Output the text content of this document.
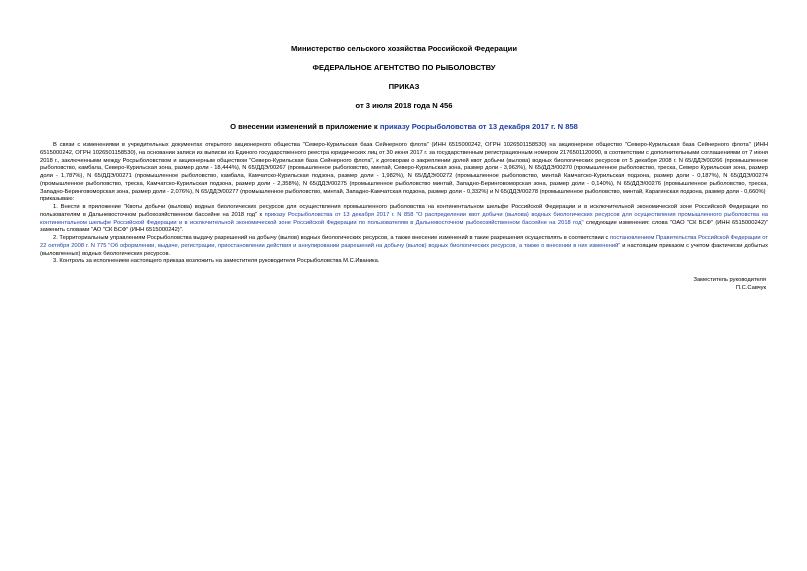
Министерство сельского хозяйства Российской Федерации
ФЕДЕРАЛЬНОЕ АГЕНТСТВО ПО РЫБОЛОВСТВУ
ПРИКАЗ
от 3 июля 2018 года N 456
О внесении изменений в приложение к приказу Росрыболовства от 13 декабря 2017 г. N 858

В связи с изменениями в учредительных документах открытого акционерного общества "Северо-Курильская база Сейнерного флота" (ИНН 6515000242, ОГРН 1026501158530) на акционерное общество "Северо-Курильская база Сейнерного флота" (ИНН 6515000242, ОГРН 1026501158530), на основании записи из выписки из Единого государственного реестра юридических лиц от 30 июня 2017 г. за государственным регистрационным номером 2176501120090, в соответствии с дополнительными соглашениями от 7 июня 2018 г., заключенными между Росрыболовством и акционерным обществом "Северо-Курильская база Сейнерного флота", к договорам о закреплении долей квот добычи (вылова) водных биологических ресурсов от 5 декабря 2008 г. N 65/ДДЭ/00266 (промышленное рыболовство, камбала, Северо-Курильская зона, размер доли - 18,444%), N 65/ДДЭ/00267 (промышленное рыболовство, минтай, Северо-Курильская зона, размер доли - 3,963%), N 65/ДДЭ/00270 (промышленное рыболовство, треска, Северо Курильская зона, размер доли - 1,787%), N 65/ДДЭ/00271 (промышленное рыболовство, камбала, Камчатско-Курильская подзона, размер доли - 1,982%), N 65/ДДЭ/00272 (промышленное рыболовство, минтай Камчатско-Курильская подзона, размер доли - 0,187%), N 65/ДДЭ/00274 (промышленное рыболовство, треска, Камчатско-Курильская подзона, размер доли - 2,358%), N 65/ДДЭ/00275 (промышленное рыболовство минтай, Западно-Беринговоморская зона, размер доли - 0,140%), N 65/ДДЭ/00276 (промышленное рыболовство, треска, Западно-Беринговоморская зона, размер доли - 2,076%), N 65/ДДЭ/00277 (промышленное рыболовство, минтай, Западно-Камчатская подзона, размер доли - 0,332%) и N 65/ДДЭ/00278 (промышленное рыболовство, минтай, Карагинская подзона, размер доли - 0,660%)

приказываю:

1. Внести в приложение "Квоты добычи (вылова) водных биологических ресурсов для осуществления промышленного рыболовства на континентальном шельфе Российской Федерации и в исключительной экономической зоне Российской Федерации по пользователям в Дальневосточном рыбохозяйственном бассейне на 2018 год" к приказу Росрыболовства от 13 декабря 2017 г. N 858 "О распределении квот добычи (вылова) водных биологических ресурсов для осуществления промышленного рыболовства на континентальном шельфе Российской Федерации и в исключительной экономической зоне Российской Федерации по пользователям в Дальневосточном рыбохозяйственном бассейне на 2018 год" следующие изменения: слова "ОАО "СК БСФ" (ИНН 6515000242)" заменить словами "АО "СК БСФ" (ИНН 6515000242)".

2. Территориальным управлениям Росрыболовства выдачу разрешений на добычу (вылов) водных биологических ресурсов, а также внесение изменений в такие разрешения осуществлять в соответствии с постановлением Правительства Российской Федерации от 22 октября 2008 г. N 775 "Об оформлении, выдаче, регистрации, приостановлении действия и аннулировании разрешений на добычу (вылов) водных биологических ресурсов, а также о внесении в них изменений" и настоящим приказом с учетом фактически добытых (выловленных) водных биологических ресурсов.

3. Контроль за исполнением настоящего приказа возложить на заместителя руководителя Росрыболовства М.С.Иваника.

Заместитель руководителя
П.С.Савчук
